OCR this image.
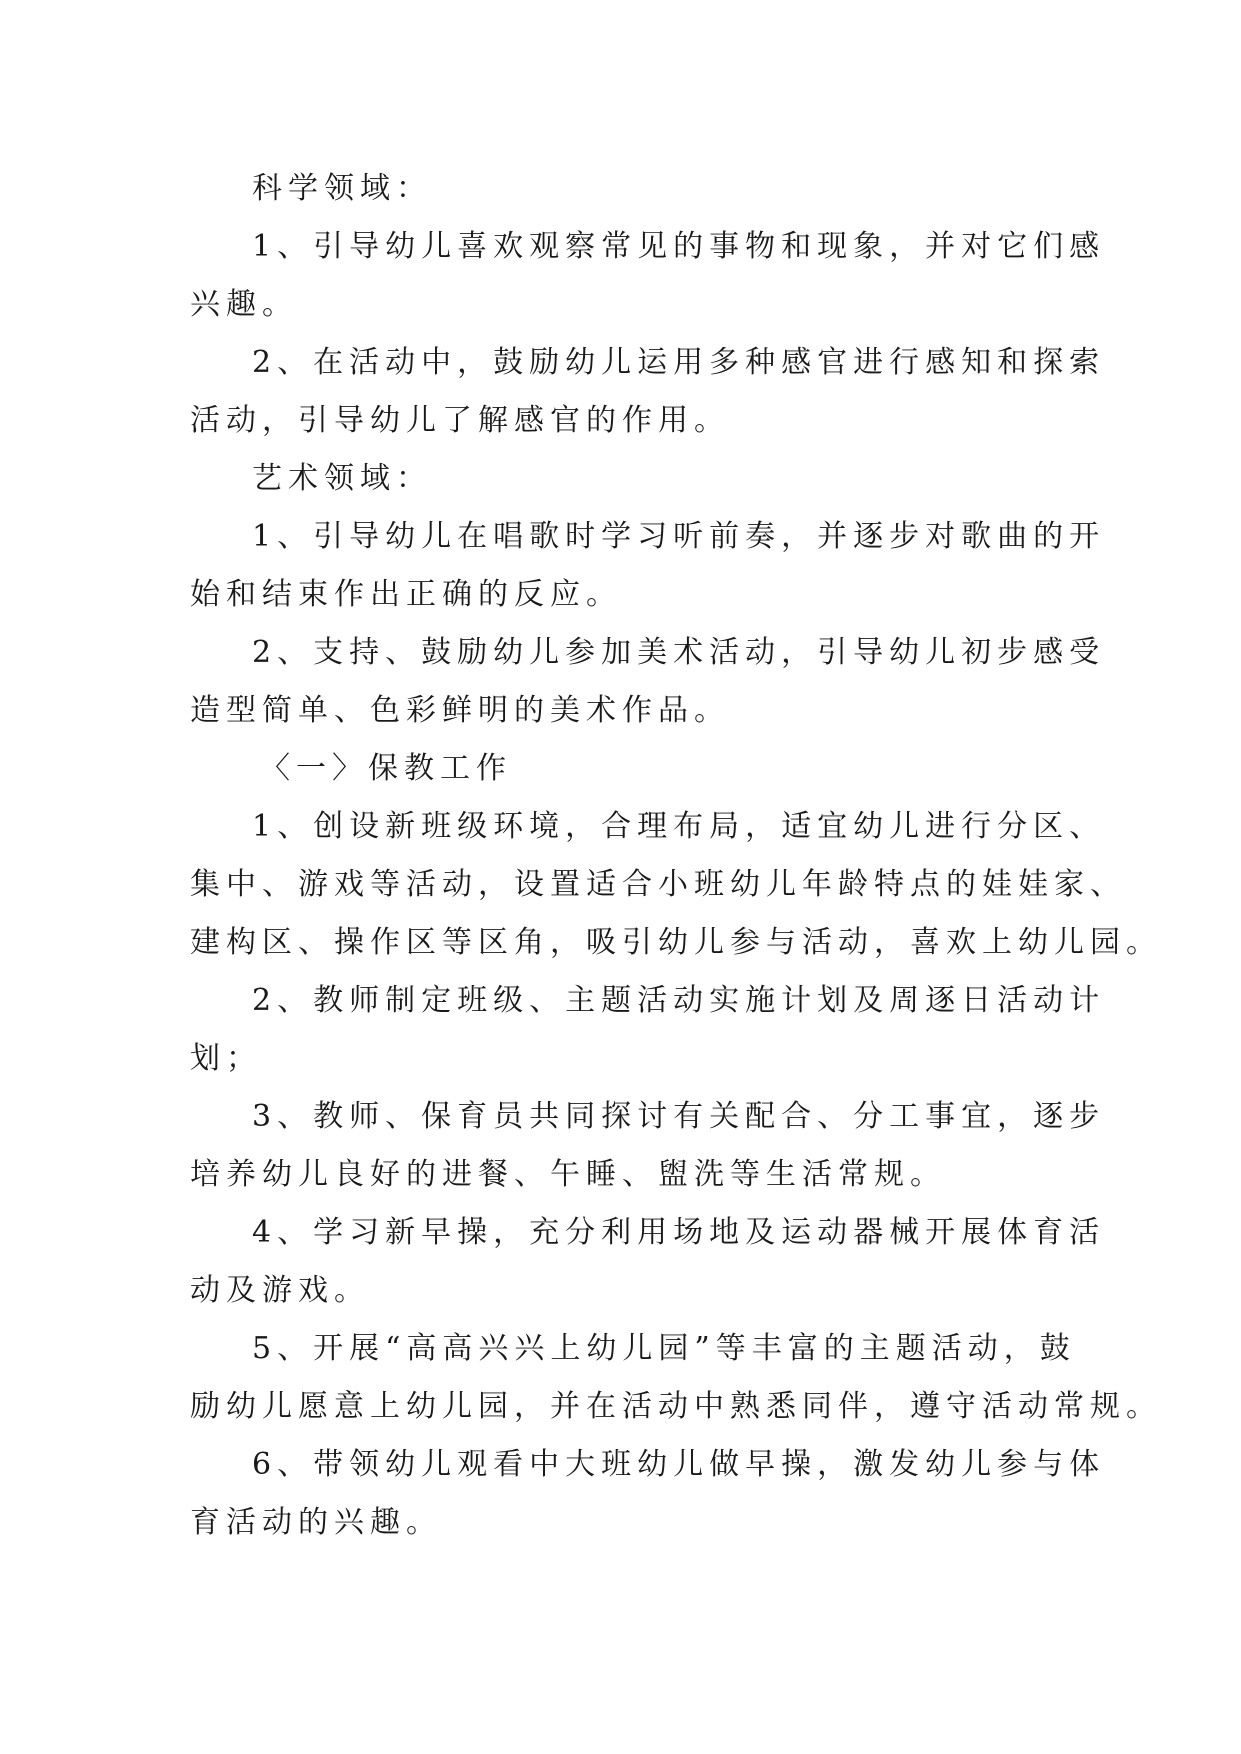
科学领域：
1、引导幼儿喜欢观察常见的事物和现象，并对它们感
兴趣。
2、在活动中，鼓励幼儿运用多种感官进行感知和探索
活动，引导幼儿了解感官的作用。
艺术领域：
1、引导幼儿在唱歌时学习听前奏，并逐步对歌曲的开
始和结束作出正确的反应。
2、支持、鼓励幼儿参加美术活动，引导幼儿初步感受
造型简单、色彩鲜明的美术作品。
〈一〉保教工作
1、创设新班级环境，合理布局，适宜幼儿进行分区、
集中、游戏等活动，设置适合小班幼儿年龄特点的娃娃家、
建构区、操作区等区角，吸引幼儿参与活动，喜欢上幼儿园。
2、教师制定班级、主题活动实施计划及周逐日活动计
划；
3、教师、保育员共同探讨有关配合、分工事宜，逐步
培养幼儿良好的进餐、午睡、盥洗等生活常规。
4、学习新早操，充分利用场地及运动器械开展体育活
动及游戏。
5、开展“高高兴兴上幼儿园”等丰富的主题活动，鼓
励幼儿愿意上幼儿园，并在活动中熟悉同伴，遵守活动常规。
6、带领幼儿观看中大班幼儿做早操，激发幼儿参与体
育活动的兴趣。
